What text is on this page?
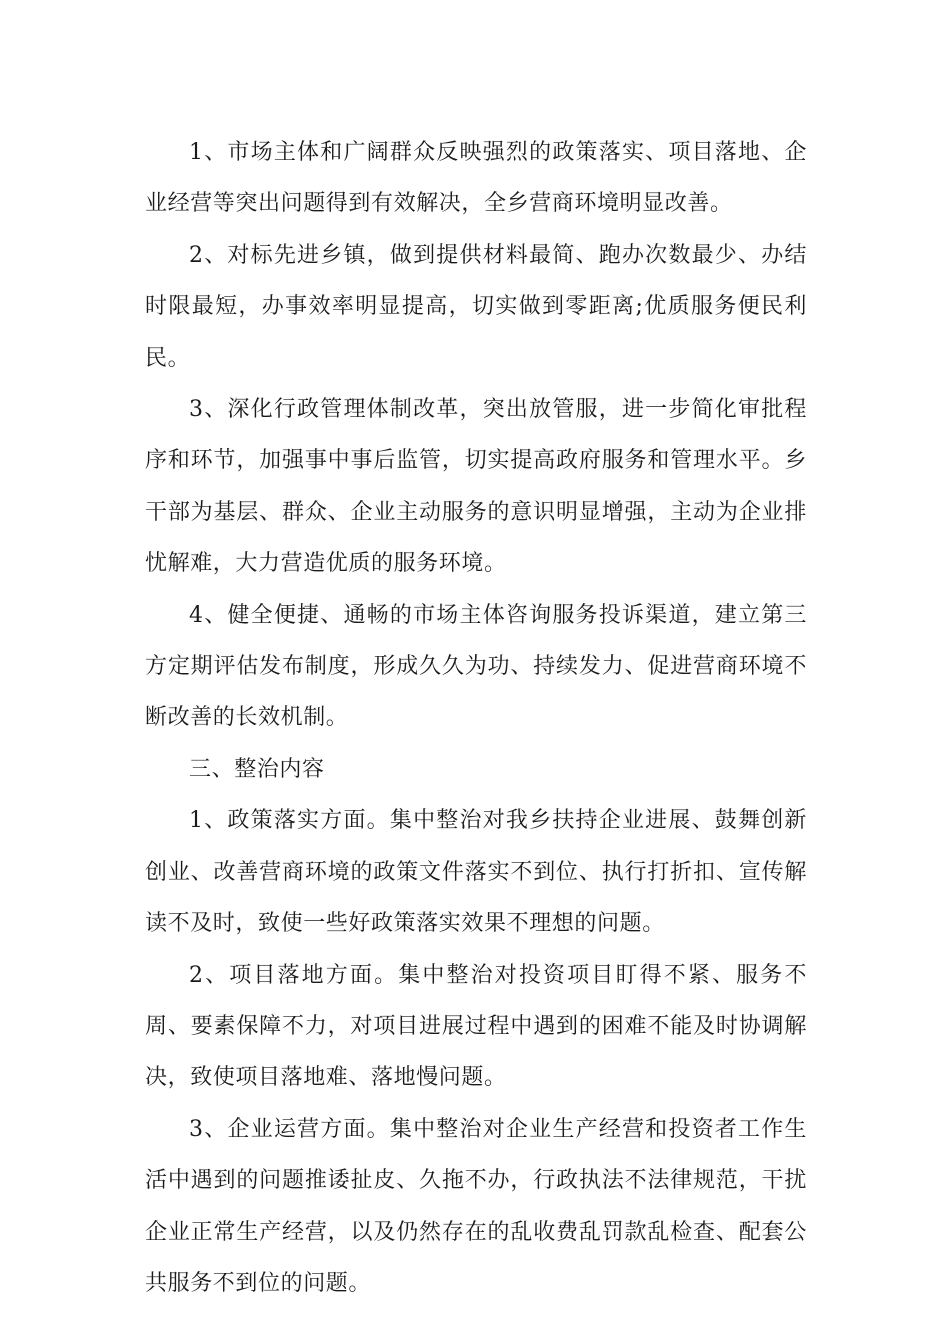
1、市场主体和广阔群众反映强烈的政策落实、项目落地、企业经营等突出问题得到有效解决，全乡营商环境明显改善。

2、对标先进乡镇，做到提供材料最简、跑办次数最少、办结时限最短，办事效率明显提高，切实做到零距离;优质服务便民利民。

3、深化行政管理体制改革，突出放管服，进一步简化审批程序和环节，加强事中事后监管，切实提高政府服务和管理水平。乡干部为基层、群众、企业主动服务的意识明显增强，主动为企业排忧解难，大力营造优质的服务环境。

4、健全便捷、通畅的市场主体咨询服务投诉渠道，建立第三方定期评估发布制度，形成久久为功、持续发力、促进营商环境不断改善的长效机制。

三、整治内容

1、政策落实方面。集中整治对我乡扶持企业进展、鼓舞创新创业、改善营商环境的政策文件落实不到位、执行打折扣、宣传解读不及时，致使一些好政策落实效果不理想的问题。

2、项目落地方面。集中整治对投资项目盯得不紧、服务不周、要素保障不力，对项目进展过程中遇到的困难不能及时协调解决，致使项目落地难、落地慢问题。

3、企业运营方面。集中整治对企业生产经营和投资者工作生活中遇到的问题推诿扯皮、久拖不办，行政执法不法律规范，干扰企业正常生产经营，以及仍然存在的乱收费乱罚款乱检查、配套公共服务不到位的问题。
